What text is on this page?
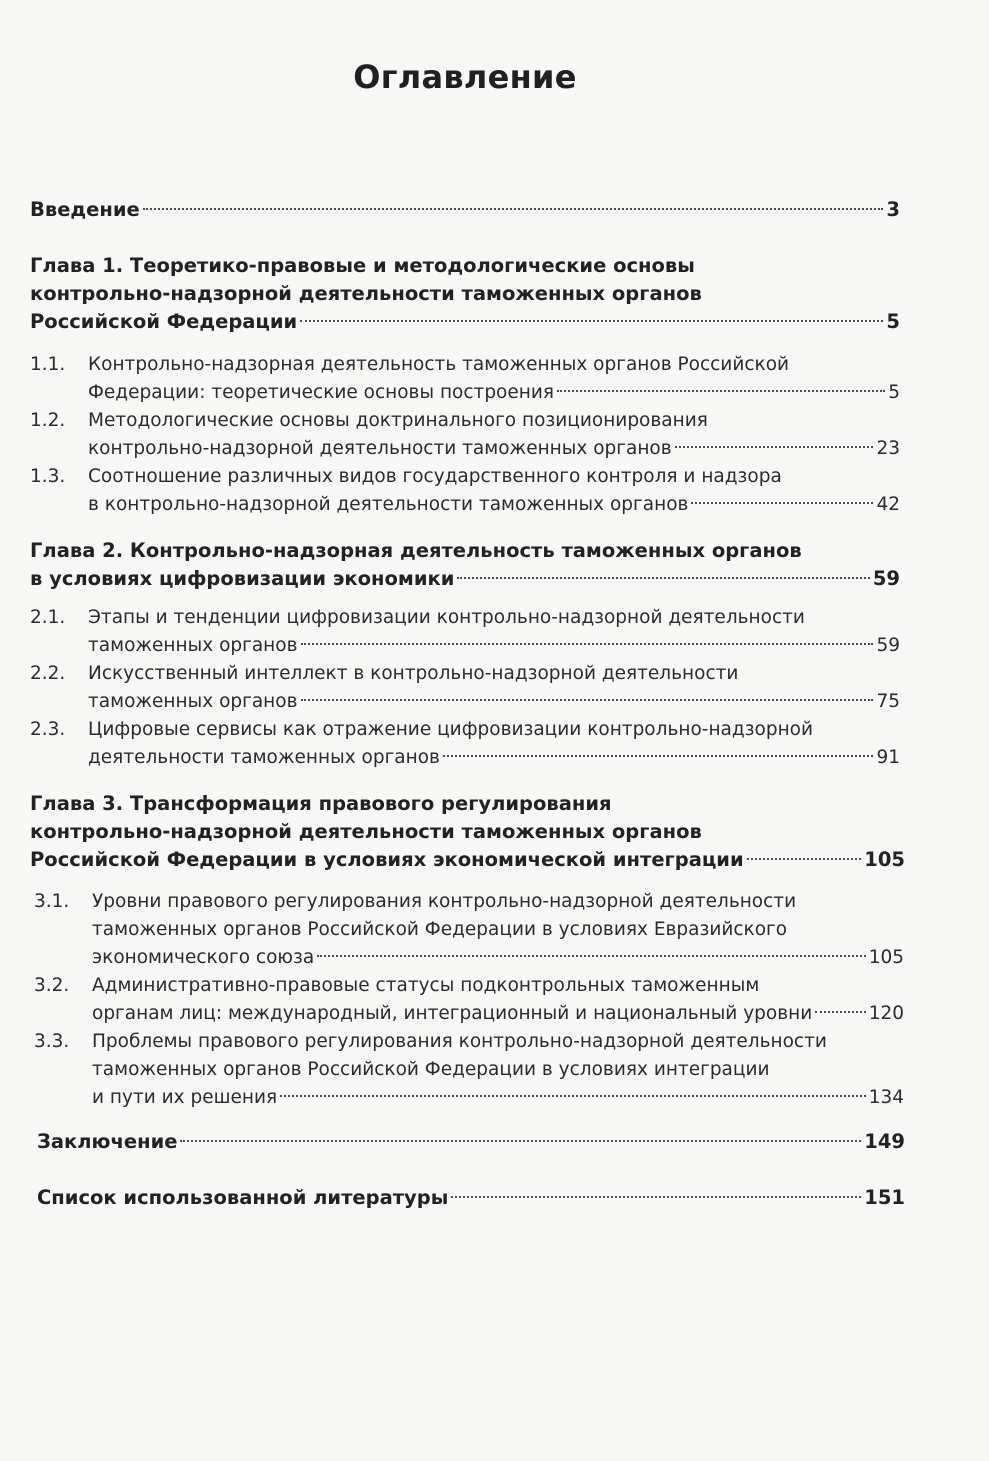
Оглавление
Введение	3
Глава 1. Теоретико-правовые и методологические основы
контрольно-надзорной деятельности таможенных органов
Российской Федерации	5
1.1.	Контрольно-надзорная деятельность таможенных органов Российской
Федерации: теоретические основы построения	5
1.2.	Методологические основы доктринального позиционирования
контрольно-надзорной деятельности таможенных органов	23
1.3.	Соотношение различных видов государственного контроля и надзора
в контрольно-надзорной деятельности таможенных органов	42
Глава 2. Контрольно-надзорная деятельность таможенных органов
в условиях цифровизации экономики	59
2.1.	Этапы и тенденции цифровизации контрольно-надзорной деятельности
таможенных органов	59
2.2.	Искусственный интеллект в контрольно-надзорной деятельности
таможенных органов	75
2.3.	Цифровые сервисы как отражение цифровизации контрольно-надзорной
деятельности таможенных органов	91
Глава 3. Трансформация правового регулирования
контрольно-надзорной деятельности таможенных органов
Российской Федерации в условиях экономической интеграции	105
3.1.	Уровни правового регулирования контрольно-надзорной деятельности
таможенных органов Российской Федерации в условиях Евразийского
экономического союза	105
3.2.	Административно-правовые статусы подконтрольных таможенным
органам лиц: международный, интеграционный и национальный уровни	120
3.3.	Проблемы правового регулирования контрольно-надзорной деятельности
таможенных органов Российской Федерации в условиях интеграции
и пути их решения	134
Заключение	149
Список использованной литературы	151
